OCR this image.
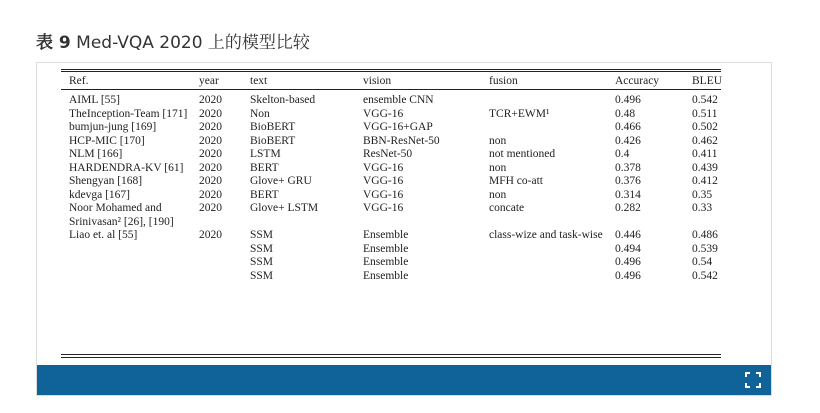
表 9 Med-VQA 2020 上的模型比较
Ref.	year	text	vision	fusion	Accuracy	BLEU
AIML [55]	2020	Skelton-based	ensemble CNN		0.496	0.542
TheInception-Team [171]	2020	Non	VGG-16	TCR+EWM¹	0.48	0.511
bumjun-jung [169]	2020	BioBERT	VGG-16+GAP		0.466	0.502
HCP-MIC [170]	2020	BioBERT	BBN-ResNet-50	non	0.426	0.462
NLM [166]	2020	LSTM	ResNet-50	not mentioned	0.4	0.411
HARDENDRA-KV [61]	2020	BERT	VGG-16	non	0.378	0.439
Shengyan [168]	2020	Glove+ GRU	VGG-16	MFH co-att	0.376	0.412
kdevga [167]	2020	BERT	VGG-16	non	0.314	0.35
Noor Mohamed and Srinivasan² [26], [190]	2020	Glove+ LSTM	VGG-16	concate	0.282	0.33
Liao et. al [55]	2020	SSM	Ensemble	class-wize and task-wise	0.446	0.486
		SSM	Ensemble		0.494	0.539
		SSM	Ensemble		0.496	0.54
		SSM	Ensemble		0.496	0.542
